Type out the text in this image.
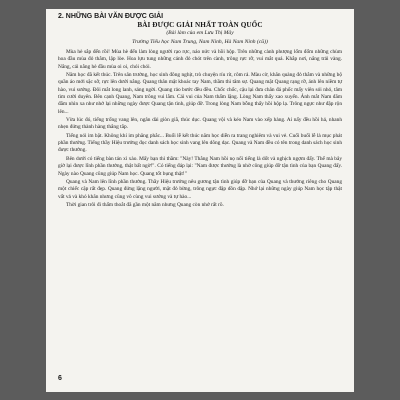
2. NHỮNG BÀI VĂN ĐƯỢC GIẢI
BÀI ĐƯỢC GIẢI NHẤT TOÀN QUỐC
(Bài làm của em Lưu Thị Mây
Trường Tiểu học Nam Trung, Nam Ninh, Hà Nam Ninh (cũ))

Mùa hè sắp đến rồi! Mùa hè đến làm lòng người rạo rực, náo nức và hồi hộp. Trên những cành phượng lốm đốm những chùm hoa đầu mùa đỏ thắm, lập lòe. Hoa lựu tung những cánh đỏ chót trên cành, trông rực rỡ, vui mắt quá. Khắp nơi, nắng trải vàng. Nắng, cái nắng hè đầu mùa oi oi, chói chói.

Năm học đã kết thúc. Trên sân trường, học sinh đông nghịt, trò chuyện ríu rít, rôm rả. Màu cờ, khăn quàng đỏ thắm và những bộ quần áo mới sặc sỡ, rực lên dưới nắng. Quang thân mật khoác tay Nam, thầm thì tâm sự. Quang mặt Quang rạng rỡ, ánh lên niềm tự hào, vui sướng. Đôi mắt long lanh, sáng ngời. Quang rảo bước đều đều. Chốc chốc, cậu lại đưa chân đá phốc mấy viên sỏi nhỏ, tâm tìm cười duyên. Bên cạnh Quang, Nam trông vui lắm. Cái vui của Nam thấm lặng. Lòng Nam thấy xao xuyến. Ánh mắt Nam đăm đắm nhìn xa như nhớ lại những ngày được Quang tận tình, giúp đỡ. Trong lòng Nam bỗng thấy hồi hộp lạ. Trông ngực như đập rộn lên...

Vừa lúc đó, tiếng trống vang lên, ngân dài giòn giã, thúc dục. Quang vội và kéo Nam vào xếp hàng. Ai nấy đều hồi hả, nhanh nhẹn đứng thành hàng thẳng tắp.

Tiếng nói im bặt. Không khí im phăng phắc... Buổi lễ kết thúc năm học diễn ra trang nghiêm và vui vẻ. Cuối buổi lễ là mục phát phần thưởng. Tiếng thầy Hiệu trưởng đọc danh sách học sinh vang lên dõng dạc. Quang và Nam đều có tên trong danh sách học sinh được thưởng.

Bên dưới có tiếng bàn tán xì xào. Mấy bạn thì thầm: "Này! Thằng Nam hồi nọ nổi tiếng là dốt và nghịch ngợm đấy. Thế mà bây giờ lại được lĩnh phần thưởng, thật bất ngờ!". Có tiếng đáp lại: "Nam được thưởng là nhờ công giúp đỡ tận tình của bạn Quang đấy. Ngày nào Quang cũng giúp Nam học. Quang tốt bụng thật!"

Quang và Nam lên lĩnh phần thưởng. Thầy Hiệu trưởng nêu gương tận tình giúp đỡ bạn của Quang và thưởng riêng cho Quang một chiếc cặp rất đẹp. Quang đứng lặng người, mặt đỏ bừng, trông ngực đập dồn dập. Nhớ lại những ngày giúp Nam học tập thật vất vả và khó khăn nhưng cũng vô cùng vui sướng và tự hào...

Thời gian trôi đi thấm thoắt đã gần một năm nhưng Quang còn nhớ rất rõ.

6
